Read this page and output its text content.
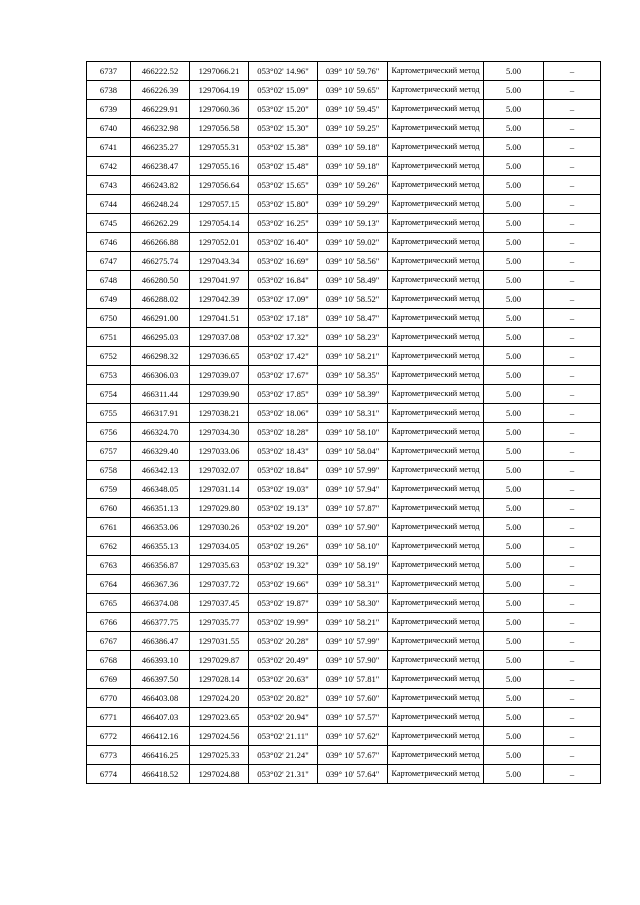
6737	466222.52	1297066.21	053°02' 14.96"	039° 10' 59.76"	Картометрический метод	5.00	–
6738	466226.39	1297064.19	053°02' 15.09"	039° 10' 59.65"	Картометрический метод	5.00	–
6739	466229.91	1297060.36	053°02' 15.20"	039° 10' 59.45"	Картометрический метод	5.00	–
6740	466232.98	1297056.58	053°02' 15.30"	039° 10' 59.25"	Картометрический метод	5.00	–
6741	466235.27	1297055.31	053°02' 15.38"	039° 10' 59.18"	Картометрический метод	5.00	–
6742	466238.47	1297055.16	053°02' 15.48"	039° 10' 59.18"	Картометрический метод	5.00	–
6743	466243.82	1297056.64	053°02' 15.65"	039° 10' 59.26"	Картометрический метод	5.00	–
6744	466248.24	1297057.15	053°02' 15.80"	039° 10' 59.29"	Картометрический метод	5.00	–
6745	466262.29	1297054.14	053°02' 16.25"	039° 10' 59.13"	Картометрический метод	5.00	–
6746	466266.88	1297052.01	053°02' 16.40"	039° 10' 59.02"	Картометрический метод	5.00	–
6747	466275.74	1297043.34	053°02' 16.69"	039° 10' 58.56"	Картометрический метод	5.00	–
6748	466280.50	1297041.97	053°02' 16.84"	039° 10' 58.49"	Картометрический метод	5.00	–
6749	466288.02	1297042.39	053°02' 17.09"	039° 10' 58.52"	Картометрический метод	5.00	–
6750	466291.00	1297041.51	053°02' 17.18"	039° 10' 58.47"	Картометрический метод	5.00	–
6751	466295.03	1297037.08	053°02' 17.32"	039° 10' 58.23"	Картометрический метод	5.00	–
6752	466298.32	1297036.65	053°02' 17.42"	039° 10' 58.21"	Картометрический метод	5.00	–
6753	466306.03	1297039.07	053°02' 17.67"	039° 10' 58.35"	Картометрический метод	5.00	–
6754	466311.44	1297039.90	053°02' 17.85"	039° 10' 58.39"	Картометрический метод	5.00	–
6755	466317.91	1297038.21	053°02' 18.06"	039° 10' 58.31"	Картометрический метод	5.00	–
6756	466324.70	1297034.30	053°02' 18.28"	039° 10' 58.10"	Картометрический метод	5.00	–
6757	466329.40	1297033.06	053°02' 18.43"	039° 10' 58.04"	Картометрический метод	5.00	–
6758	466342.13	1297032.07	053°02' 18.84"	039° 10' 57.99"	Картометрический метод	5.00	–
6759	466348.05	1297031.14	053°02' 19.03"	039° 10' 57.94"	Картометрический метод	5.00	–
6760	466351.13	1297029.80	053°02' 19.13"	039° 10' 57.87"	Картометрический метод	5.00	–
6761	466353.06	1297030.26	053°02' 19.20"	039° 10' 57.90"	Картометрический метод	5.00	–
6762	466355.13	1297034.05	053°02' 19.26"	039° 10' 58.10"	Картометрический метод	5.00	–
6763	466356.87	1297035.63	053°02' 19.32"	039° 10' 58.19"	Картометрический метод	5.00	–
6764	466367.36	1297037.72	053°02' 19.66"	039° 10' 58.31"	Картометрический метод	5.00	–
6765	466374.08	1297037.45	053°02' 19.87"	039° 10' 58.30"	Картометрический метод	5.00	–
6766	466377.75	1297035.77	053°02' 19.99"	039° 10' 58.21"	Картометрический метод	5.00	–
6767	466386.47	1297031.55	053°02' 20.28"	039° 10' 57.99"	Картометрический метод	5.00	–
6768	466393.10	1297029.87	053°02' 20.49"	039° 10' 57.90"	Картометрический метод	5.00	–
6769	466397.50	1297028.14	053°02' 20.63"	039° 10' 57.81"	Картометрический метод	5.00	–
6770	466403.08	1297024.20	053°02' 20.82"	039° 10' 57.60"	Картометрический метод	5.00	–
6771	466407.03	1297023.65	053°02' 20.94"	039° 10' 57.57"	Картометрический метод	5.00	–
6772	466412.16	1297024.56	053°02' 21.11"	039° 10' 57.62"	Картометрический метод	5.00	–
6773	466416.25	1297025.33	053°02' 21.24"	039° 10' 57.67"	Картометрический метод	5.00	–
6774	466418.52	1297024.88	053°02' 21.31"	039° 10' 57.64"	Картометрический метод	5.00	–
